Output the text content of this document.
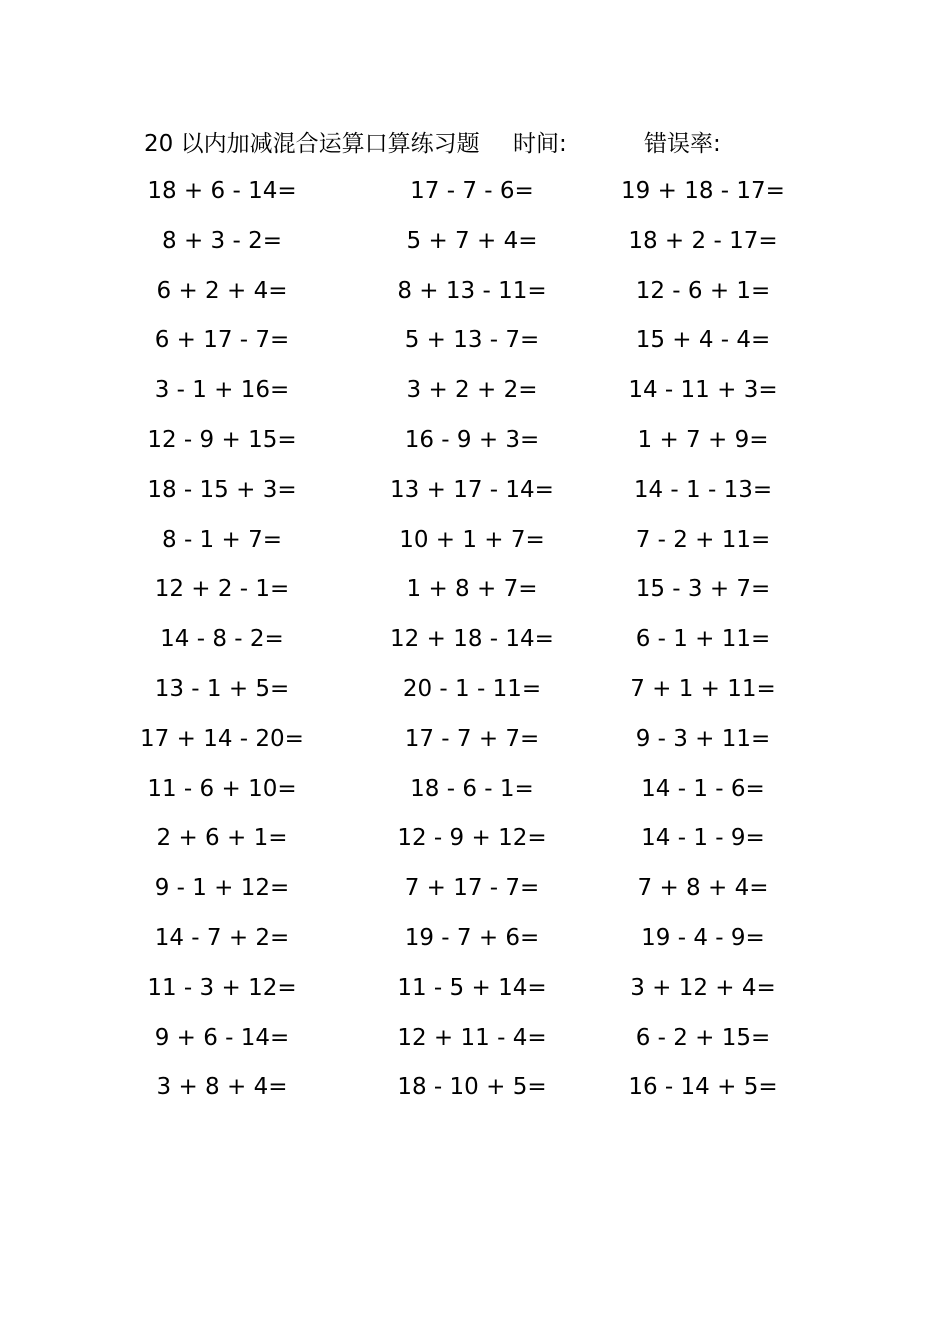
20 以内加减混合运算口算练习题 时间:	错误率:
18 + 6 - 14=	17 - 7 - 6=	19 + 18 - 17=
8 + 3 - 2=	5 + 7 + 4=	18 + 2 - 17=
6 + 2 + 4=	8 + 13 - 11=	12 - 6 + 1=
6 + 17 - 7=	5 + 13 - 7=	15 + 4 - 4=
3 - 1 + 16=	3 + 2 + 2=	14 - 11 + 3=
12 - 9 + 15=	16 - 9 + 3=	1 + 7 + 9=
18 - 15 + 3=	13 + 17 - 14=	14 - 1 - 13=
8 - 1 + 7=	10 + 1 + 7=	7 - 2 + 11=
12 + 2 - 1=	1 + 8 + 7=	15 - 3 + 7=
14 - 8 - 2=	12 + 18 - 14=	6 - 1 + 11=
13 - 1 + 5=	20 - 1 - 11=	7 + 1 + 11=
17 + 14 - 20=	17 - 7 + 7=	9 - 3 + 11=
11 - 6 + 10=	18 - 6 - 1=	14 - 1 - 6=
2 + 6 + 1=	12 - 9 + 12=	14 - 1 - 9=
9 - 1 + 12=	7 + 17 - 7=	7 + 8 + 4=
14 - 7 + 2=	19 - 7 + 6=	19 - 4 - 9=
11 - 3 + 12=	11 - 5 + 14=	3 + 12 + 4=
9 + 6 - 14=	12 + 11 - 4=	6 - 2 + 15=
3 + 8 + 4=	18 - 10 + 5=	16 - 14 + 5=
